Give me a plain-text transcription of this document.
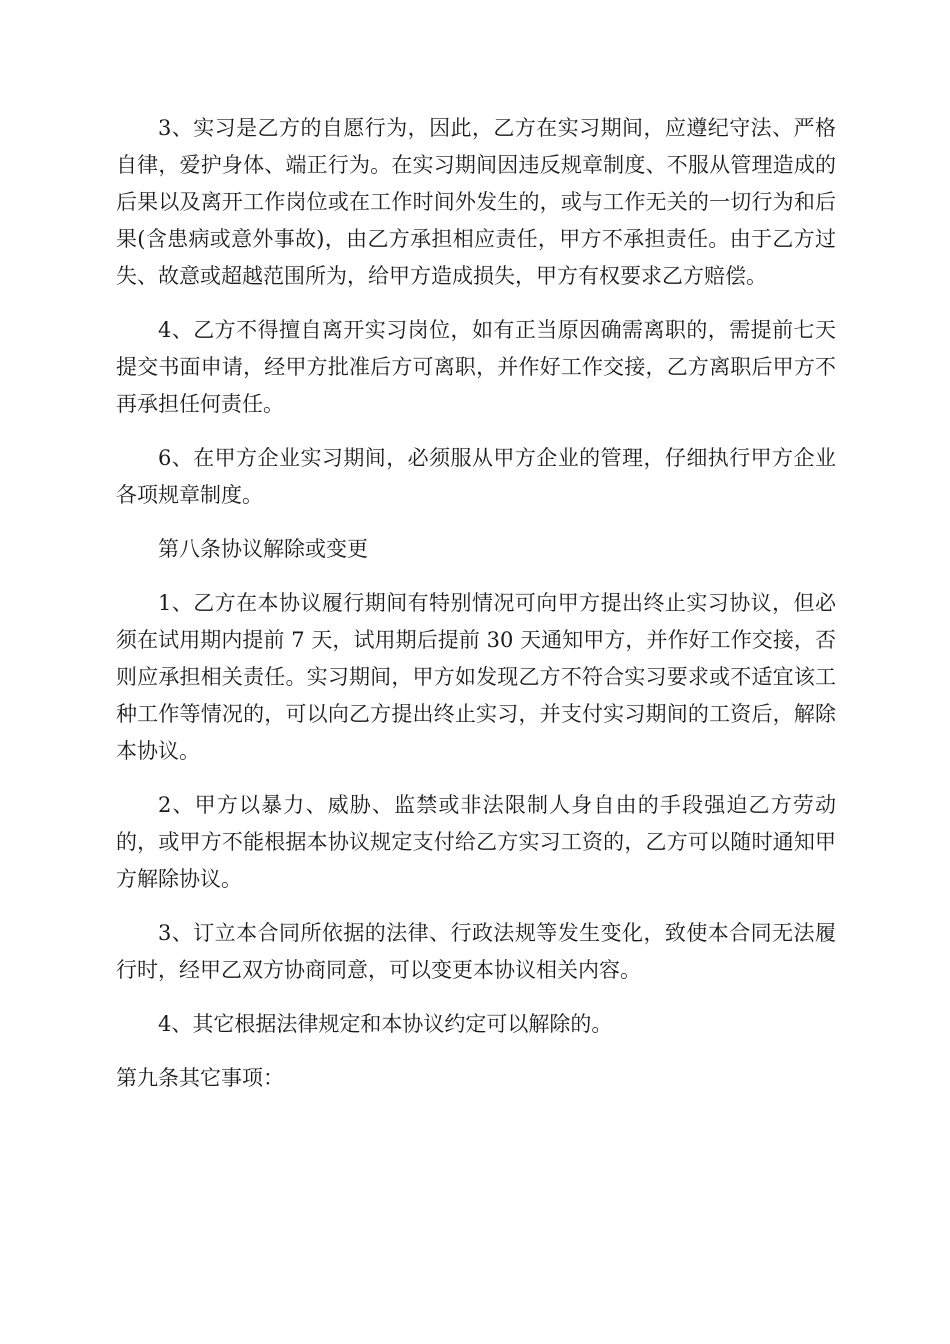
3、实习是乙方的自愿行为，因此，乙方在实习期间，应遵纪守法、严格自律，爱护身体、端正行为。在实习期间因违反规章制度、不服从管理造成的后果以及离开工作岗位或在工作时间外发生的，或与工作无关的一切行为和后果(含患病或意外事故)，由乙方承担相应责任，甲方不承担责任。由于乙方过失、故意或超越范围所为，给甲方造成损失，甲方有权要求乙方赔偿。

4、乙方不得擅自离开实习岗位，如有正当原因确需离职的，需提前七天提交书面申请，经甲方批准后方可离职，并作好工作交接，乙方离职后甲方不再承担任何责任。

6、在甲方企业实习期间，必须服从甲方企业的管理，仔细执行甲方企业各项规章制度。

第八条协议解除或变更

1、乙方在本协议履行期间有特别情况可向甲方提出终止实习协议，但必须在试用期内提前 7 天，试用期后提前 30 天通知甲方，并作好工作交接，否则应承担相关责任。实习期间，甲方如发现乙方不符合实习要求或不适宜该工种工作等情况的，可以向乙方提出终止实习，并支付实习期间的工资后，解除本协议。

2、甲方以暴力、威胁、监禁或非法限制人身自由的手段强迫乙方劳动的，或甲方不能根据本协议规定支付给乙方实习工资的，乙方可以随时通知甲方解除协议。

3、订立本合同所依据的法律、行政法规等发生变化，致使本合同无法履行时，经甲乙双方协商同意，可以变更本协议相关内容。

4、其它根据法律规定和本协议约定可以解除的。

第九条其它事项：
